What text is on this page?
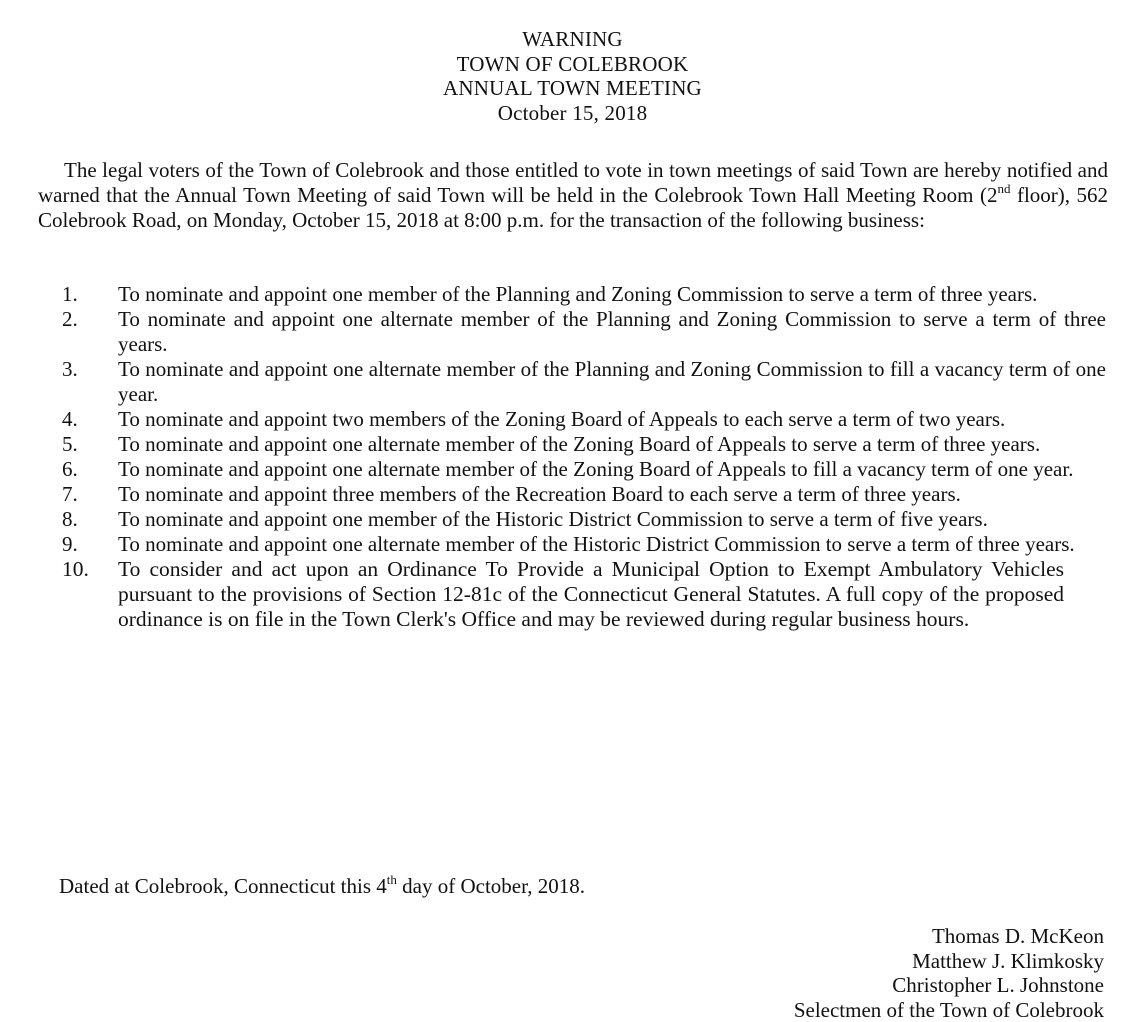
WARNING
TOWN OF COLEBROOK
ANNUAL TOWN MEETING
October 15, 2018

The legal voters of the Town of Colebrook and those entitled to vote in town meetings of said Town are hereby notified and warned that the Annual Town Meeting of said Town will be held in the Colebrook Town Hall Meeting Room (2nd floor), 562 Colebrook Road, on Monday, October 15, 2018 at 8:00 p.m. for the transaction of the following business:

1.	To nominate and appoint one member of the Planning and Zoning Commission to serve a term of three years.
2.	To nominate and appoint one alternate member of the Planning and Zoning Commission to serve a term of three years.
3.	To nominate and appoint one alternate member of the Planning and Zoning Commission to fill a vacancy term of one year.
4.	To nominate and appoint two members of the Zoning Board of Appeals to each serve a term of two years.
5.	To nominate and appoint one alternate member of the Zoning Board of Appeals to serve a term of three years.
6.	To nominate and appoint one alternate member of the Zoning Board of Appeals to fill a vacancy term of one year.
7.	To nominate and appoint three members of the Recreation Board to each serve a term of three years.
8.	To nominate and appoint one member of the Historic District Commission to serve a term of five years.
9.	To nominate and appoint one alternate member of the Historic District Commission to serve a term of three years.
10.	To consider and act upon an Ordinance To Provide a Municipal Option to Exempt Ambulatory Vehicles pursuant to the provisions of Section 12-81c of the Connecticut General Statutes. A full copy of the proposed ordinance is on file in the Town Clerk's Office and may be reviewed during regular business hours.
Dated at Colebrook, Connecticut this 4th day of October, 2018.
Thomas D. McKeon
Matthew J. Klimkosky
Christopher L. Johnstone
Selectmen of the Town of Colebrook
